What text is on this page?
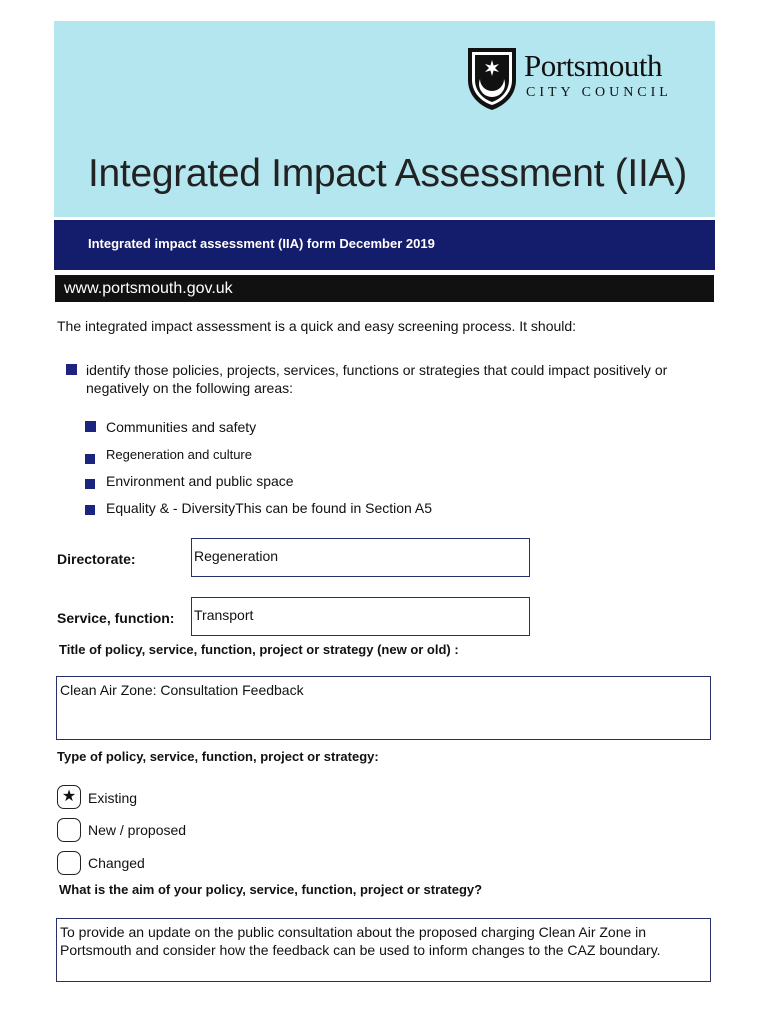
Portsmouth
CITY COUNCIL
Integrated Impact Assessment (IIA)
Integrated impact assessment (IIA) form December 2019
www.portsmouth.gov.uk
The integrated impact assessment is a quick and easy screening process. It should:
identify those policies, projects, services, functions or strategies that could impact positively or
negatively on the following areas:
Communities and safety
Regeneration and culture
Environment and public space
Equality & - DiversityThis can be found in Section A5
Directorate:	Regeneration
Service, function: Transport
Title of policy, service, function, project or strategy (new or old) :
Clean Air Zone: Consultation Feedback
Type of policy, service, function, project or strategy:
★ Existing
New / proposed
Changed
What is the aim of your policy, service, function, project or strategy?
To provide an update on the public consultation about the proposed charging Clean Air Zone in
Portsmouth and consider how the feedback can be used to inform changes to the CAZ boundary.
